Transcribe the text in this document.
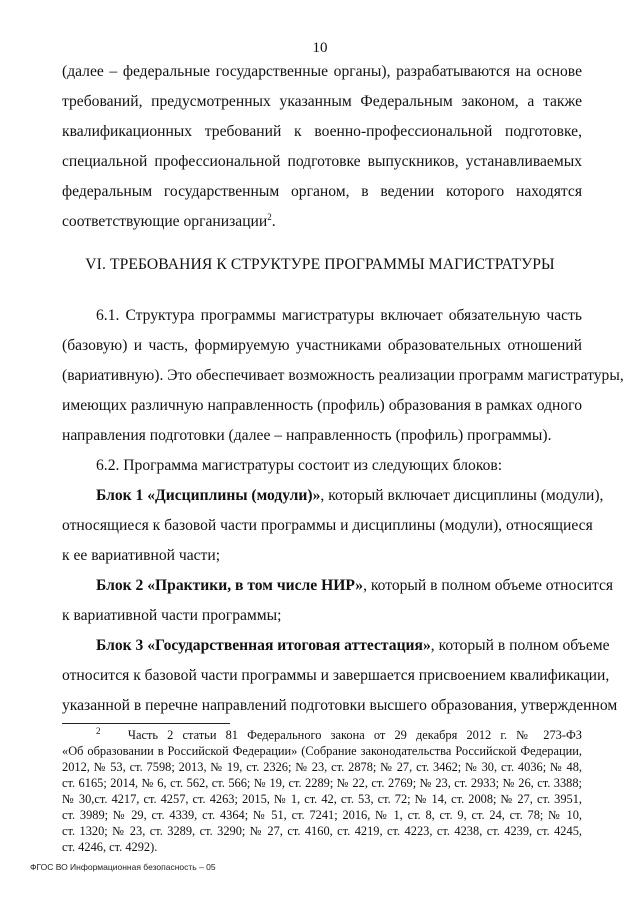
10
(далее – федеральные государственные органы), разрабатываются на основе
требований, предусмотренных указанным Федеральным законом, а также
квалификационных требований к военно-профессиональной подготовке,
специальной профессиональной подготовке выпускников, устанавливаемых
федеральным государственным органом, в ведении которого находятся
соответствующие организации$^2$.
VI. ТРЕБОВАНИЯ К СТРУКТУРЕ ПРОГРАММЫ МАГИСТРАТУРЫ
6.1. Структура программы магистратуры включает обязательную часть
(базовую) и часть, формируемую участниками образовательных отношений
(вариативную). Это обеспечивает возможность реализации программ магистратуры,
имеющих различную направленность (профиль) образования в рамках одного
направления подготовки (далее – направленность (профиль) программы).
6.2. Программа магистратуры состоит из следующих блоков:
Блок 1 «Дисциплины (модули)», который включает дисциплины (модули),
относящиеся к базовой части программы и дисциплины (модули), относящиеся
к ее вариативной части;
Блок 2 «Практики, в том числе НИР», который в полном объеме относится
к вариативной части программы;
Блок 3 «Государственная итоговая аттестация», который в полном объеме
относится к базовой части программы и завершается присвоением квалификации,
указанной в перечне направлений подготовки высшего образования, утвержденном
$^2$ Часть 2 статьи 81 Федерального закона от 29 декабря 2012 г. № 273-ФЗ
«Об образовании в Российской Федерации» (Собрание законодательства Российской Федерации,
2012, № 53, ст. 7598; 2013, № 19, ст. 2326; № 23, ст. 2878; № 27, ст. 3462; № 30, ст. 4036; № 48,
ст. 6165; 2014, № 6, ст. 562, ст. 566; № 19, ст. 2289; № 22, ст. 2769; № 23, ст. 2933; № 26, ст. 3388;
№ 30,ст. 4217, ст. 4257, ст. 4263; 2015, № 1, ст. 42, ст. 53, ст. 72; № 14, ст. 2008; № 27, ст. 3951,
ст. 3989; № 29, ст. 4339, ст. 4364; № 51, ст. 7241; 2016, № 1, ст. 8, ст. 9, ст. 24, ст. 78; № 10,
ст. 1320; № 23, ст. 3289, ст. 3290; № 27, ст. 4160, ст. 4219, ст. 4223, ст. 4238, ст. 4239, ст. 4245,
ст. 4246, ст. 4292).
ФГОС ВО Информационная безопасность – 05
